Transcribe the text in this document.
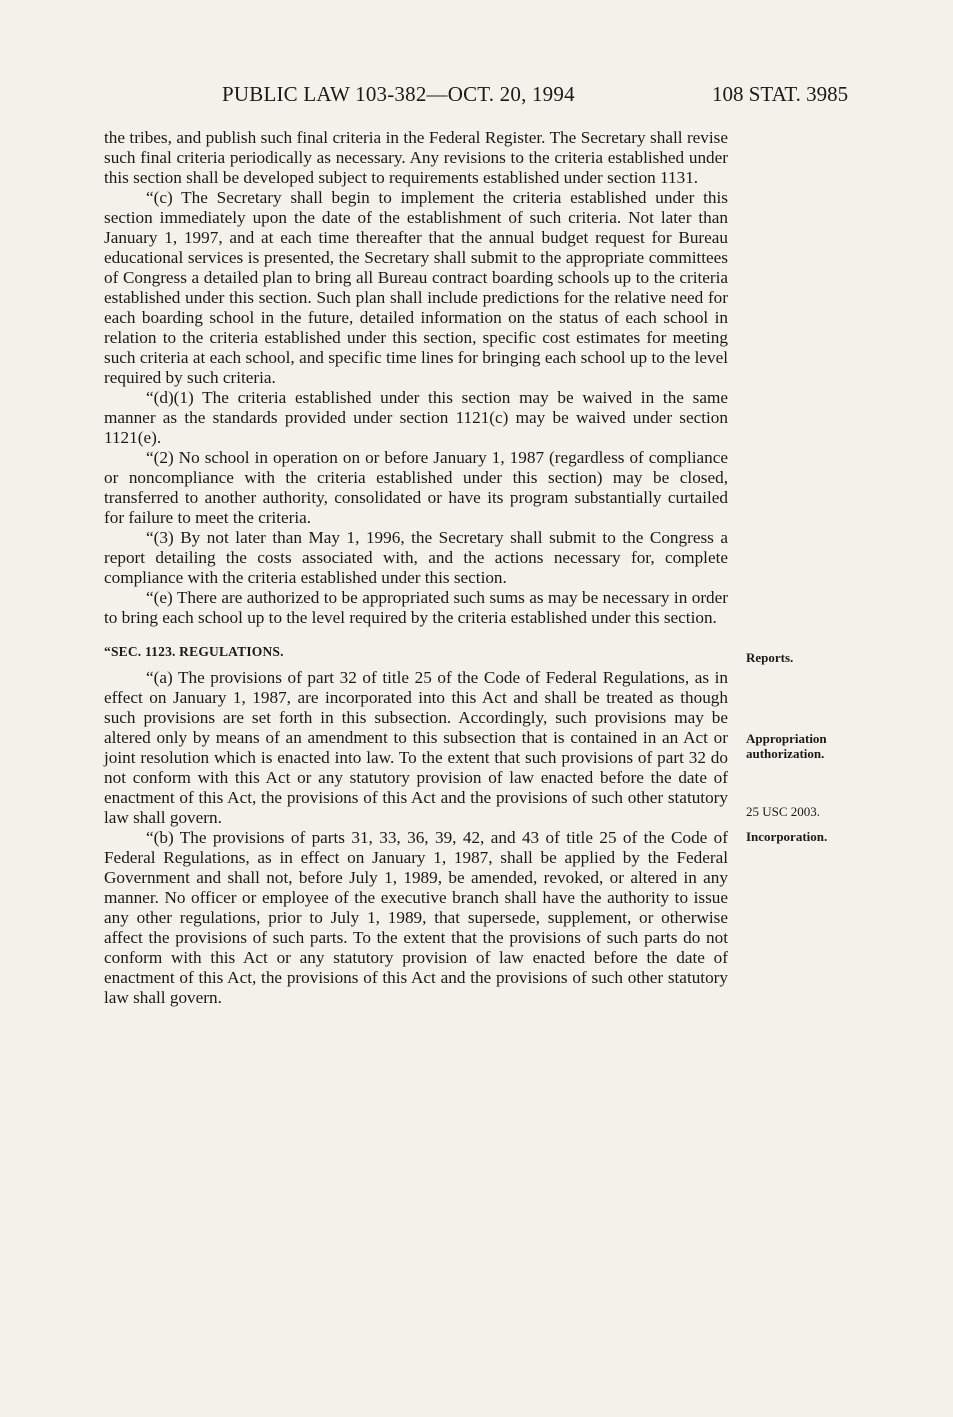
PUBLIC LAW 103-382—OCT. 20, 1994	108 STAT. 3985

the tribes, and publish such final criteria in the Federal Register. The Secretary shall revise such final criteria periodically as necessary. Any revisions to the criteria established under this section shall be developed subject to requirements established under section 1131.

“(c) The Secretary shall begin to implement the criteria established under this section immediately upon the date of the establishment of such criteria. Not later than January 1, 1997, and at each time thereafter that the annual budget request for Bureau educational services is presented, the Secretary shall submit to the appropriate committees of Congress a detailed plan to bring all Bureau contract boarding schools up to the criteria established under this section. Such plan shall include predictions for the relative need for each boarding school in the future, detailed information on the status of each school in relation to the criteria established under this section, specific cost estimates for meeting such criteria at each school, and specific time lines for bringing each school up to the level required by such criteria.

“(d)(1) The criteria established under this section may be waived in the same manner as the standards provided under section 1121(c) may be waived under section 1121(e).

“(2) No school in operation on or before January 1, 1987 (regardless of compliance or noncompliance with the criteria established under this section) may be closed, transferred to another authority, consolidated or have its program substantially curtailed for failure to meet the criteria.

“(3) By not later than May 1, 1996, the Secretary shall submit to the Congress a report detailing the costs associated with, and the actions necessary for, complete compliance with the criteria established under this section.

“(e) There are authorized to be appropriated such sums as may be necessary in order to bring each school up to the level required by the criteria established under this section.

“SEC. 1123. REGULATIONS.

“(a) The provisions of part 32 of title 25 of the Code of Federal Regulations, as in effect on January 1, 1987, are incorporated into this Act and shall be treated as though such provisions are set forth in this subsection. Accordingly, such provisions may be altered only by means of an amendment to this subsection that is contained in an Act or joint resolution which is enacted into law. To the extent that such provisions of part 32 do not conform with this Act or any statutory provision of law enacted before the date of enactment of this Act, the provisions of this Act and the provisions of such other statutory law shall govern.

“(b) The provisions of parts 31, 33, 36, 39, 42, and 43 of title 25 of the Code of Federal Regulations, as in effect on January 1, 1987, shall be applied by the Federal Government and shall not, before July 1, 1989, be amended, revoked, or altered in any manner. No officer or employee of the executive branch shall have the authority to issue any other regulations, prior to July 1, 1989, that supersede, supplement, or otherwise affect the provisions of such parts. To the extent that the provisions of such parts do not conform with this Act or any statutory provision of law enacted before the date of enactment of this Act, the provisions of this Act and the provisions of such other statutory law shall govern.

Reports.
Appropriation
authorization.
25 USC 2003.
Incorporation.
